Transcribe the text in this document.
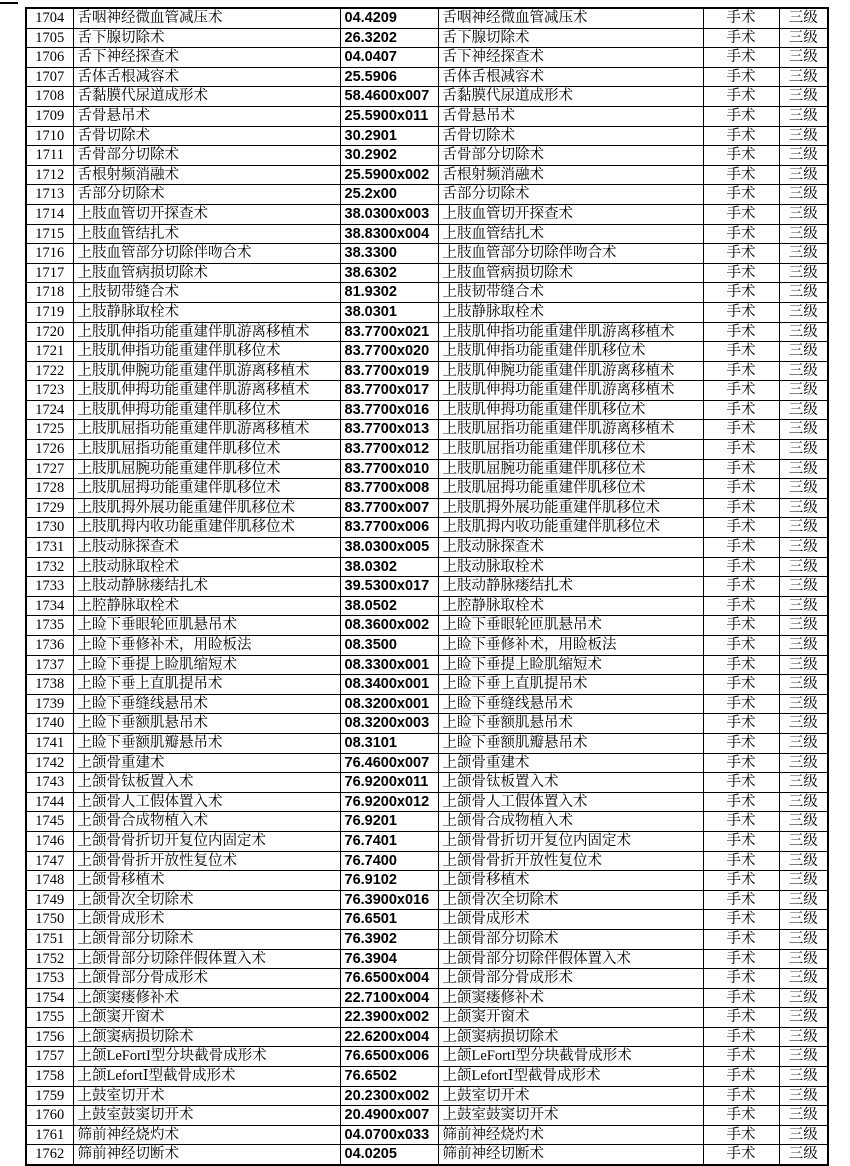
1704	舌咽神经微血管减压术	04.4209	舌咽神经微血管减压术	手术	三级
1705	舌下腺切除术	26.3202	舌下腺切除术	手术	三级
1706	舌下神经探查术	04.0407	舌下神经探查术	手术	三级
1707	舌体舌根减容术	25.5906	舌体舌根减容术	手术	三级
1708	舌黏膜代尿道成形术	58.4600x007	舌黏膜代尿道成形术	手术	三级
1709	舌骨悬吊术	25.5900x011	舌骨悬吊术	手术	三级
1710	舌骨切除术	30.2901	舌骨切除术	手术	三级
1711	舌骨部分切除术	30.2902	舌骨部分切除术	手术	三级
1712	舌根射频消融术	25.5900x002	舌根射频消融术	手术	三级
1713	舌部分切除术	25.2x00	舌部分切除术	手术	三级
1714	上肢血管切开探查术	38.0300x003	上肢血管切开探查术	手术	三级
1715	上肢血管结扎术	38.8300x004	上肢血管结扎术	手术	三级
1716	上肢血管部分切除伴吻合术	38.3300	上肢血管部分切除伴吻合术	手术	三级
1717	上肢血管病损切除术	38.6302	上肢血管病损切除术	手术	三级
1718	上肢韧带缝合术	81.9302	上肢韧带缝合术	手术	三级
1719	上肢静脉取栓术	38.0301	上肢静脉取栓术	手术	三级
1720	上肢肌伸指功能重建伴肌游离移植术	83.7700x021	上肢肌伸指功能重建伴肌游离移植术	手术	三级
1721	上肢肌伸指功能重建伴肌移位术	83.7700x020	上肢肌伸指功能重建伴肌移位术	手术	三级
1722	上肢肌伸腕功能重建伴肌游离移植术	83.7700x019	上肢肌伸腕功能重建伴肌游离移植术	手术	三级
1723	上肢肌伸拇功能重建伴肌游离移植术	83.7700x017	上肢肌伸拇功能重建伴肌游离移植术	手术	三级
1724	上肢肌伸拇功能重建伴肌移位术	83.7700x016	上肢肌伸拇功能重建伴肌移位术	手术	三级
1725	上肢肌屈指功能重建伴肌游离移植术	83.7700x013	上肢肌屈指功能重建伴肌游离移植术	手术	三级
1726	上肢肌屈指功能重建伴肌移位术	83.7700x012	上肢肌屈指功能重建伴肌移位术	手术	三级
1727	上肢肌屈腕功能重建伴肌移位术	83.7700x010	上肢肌屈腕功能重建伴肌移位术	手术	三级
1728	上肢肌屈拇功能重建伴肌移位术	83.7700x008	上肢肌屈拇功能重建伴肌移位术	手术	三级
1729	上肢肌拇外展功能重建伴肌移位术	83.7700x007	上肢肌拇外展功能重建伴肌移位术	手术	三级
1730	上肢肌拇内收功能重建伴肌移位术	83.7700x006	上肢肌拇内收功能重建伴肌移位术	手术	三级
1731	上肢动脉探查术	38.0300x005	上肢动脉探查术	手术	三级
1732	上肢动脉取栓术	38.0302	上肢动脉取栓术	手术	三级
1733	上肢动静脉瘘结扎术	39.5300x017	上肢动静脉瘘结扎术	手术	三级
1734	上腔静脉取栓术	38.0502	上腔静脉取栓术	手术	三级
1735	上睑下垂眼轮匝肌悬吊术	08.3600x002	上睑下垂眼轮匝肌悬吊术	手术	三级
1736	上睑下垂修补术，用睑板法	08.3500	上睑下垂修补术，用睑板法	手术	三级
1737	上睑下垂提上睑肌缩短术	08.3300x001	上睑下垂提上睑肌缩短术	手术	三级
1738	上睑下垂上直肌提吊术	08.3400x001	上睑下垂上直肌提吊术	手术	三级
1739	上睑下垂缝线悬吊术	08.3200x001	上睑下垂缝线悬吊术	手术	三级
1740	上睑下垂额肌悬吊术	08.3200x003	上睑下垂额肌悬吊术	手术	三级
1741	上睑下垂额肌瓣悬吊术	08.3101	上睑下垂额肌瓣悬吊术	手术	三级
1742	上颌骨重建术	76.4600x007	上颌骨重建术	手术	三级
1743	上颌骨钛板置入术	76.9200x011	上颌骨钛板置入术	手术	三级
1744	上颌骨人工假体置入术	76.9200x012	上颌骨人工假体置入术	手术	三级
1745	上颌骨合成物植入术	76.9201	上颌骨合成物植入术	手术	三级
1746	上颌骨骨折切开复位内固定术	76.7401	上颌骨骨折切开复位内固定术	手术	三级
1747	上颌骨骨折开放性复位术	76.7400	上颌骨骨折开放性复位术	手术	三级
1748	上颌骨移植术	76.9102	上颌骨移植术	手术	三级
1749	上颌骨次全切除术	76.3900x016	上颌骨次全切除术	手术	三级
1750	上颌骨成形术	76.6501	上颌骨成形术	手术	三级
1751	上颌骨部分切除术	76.3902	上颌骨部分切除术	手术	三级
1752	上颌骨部分切除伴假体置入术	76.3904	上颌骨部分切除伴假体置入术	手术	三级
1753	上颌骨部分骨成形术	76.6500x004	上颌骨部分骨成形术	手术	三级
1754	上颌窦瘘修补术	22.7100x004	上颌窦瘘修补术	手术	三级
1755	上颌窦开窗术	22.3900x002	上颌窦开窗术	手术	三级
1756	上颌窦病损切除术	22.6200x004	上颌窦病损切除术	手术	三级
1757	上颌LeFortI型分块截骨成形术	76.6500x006	上颌LeFortI型分块截骨成形术	手术	三级
1758	上颌LefortⅠ型截骨成形术	76.6502	上颌LefortⅠ型截骨成形术	手术	三级
1759	上鼓室切开术	20.2300x002	上鼓室切开术	手术	三级
1760	上鼓室鼓窦切开术	20.4900x007	上鼓室鼓窦切开术	手术	三级
1761	筛前神经烧灼术	04.0700x033	筛前神经烧灼术	手术	三级
1762	筛前神经切断术	04.0205	筛前神经切断术	手术	三级
